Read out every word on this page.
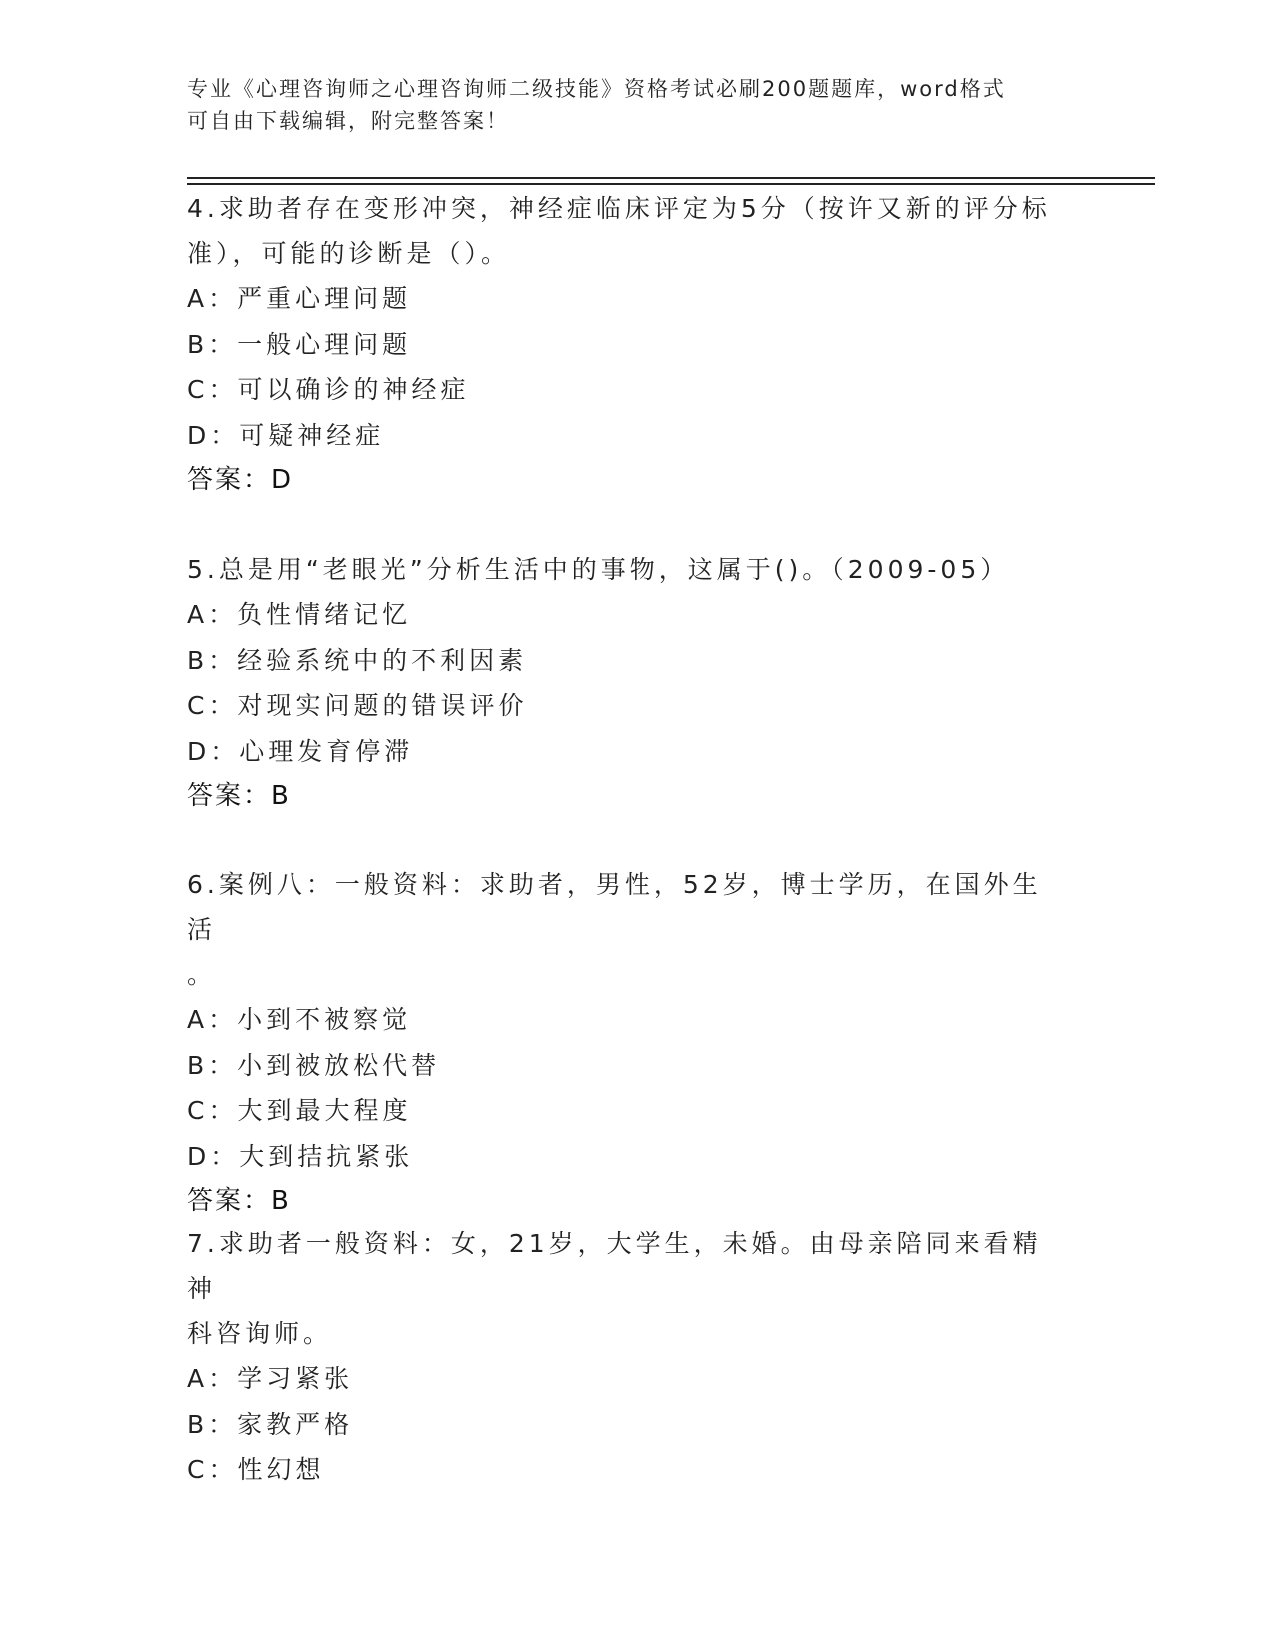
专业《心理咨询师之心理咨询师二级技能》资格考试必刷200题题库，word格式
可自由下载编辑，附完整答案！

4.求助者存在变形冲突，神经症临床评定为5分（按许又新的评分标

准），可能的诊断是（）。

A：严重心理问题

B：一般心理问题

C：可以确诊的神经症

D：可疑神经症

答案：D

5.总是用“老眼光”分析生活中的事物，这属于()。（2009-05）

A：负性情绪记忆

B：经验系统中的不利因素

C：对现实问题的错误评价

D：心理发育停滞

答案：B

6.案例八：一般资料：求助者，男性，52岁，博士学历，在国外生活

。

A：小到不被察觉

B：小到被放松代替

C：大到最大程度

D：大到拮抗紧张

答案：B

7.求助者一般资料：女，21岁，大学生，未婚。由母亲陪同来看精神

科咨询师。

A：学习紧张

B：家教严格

C：性幻想
